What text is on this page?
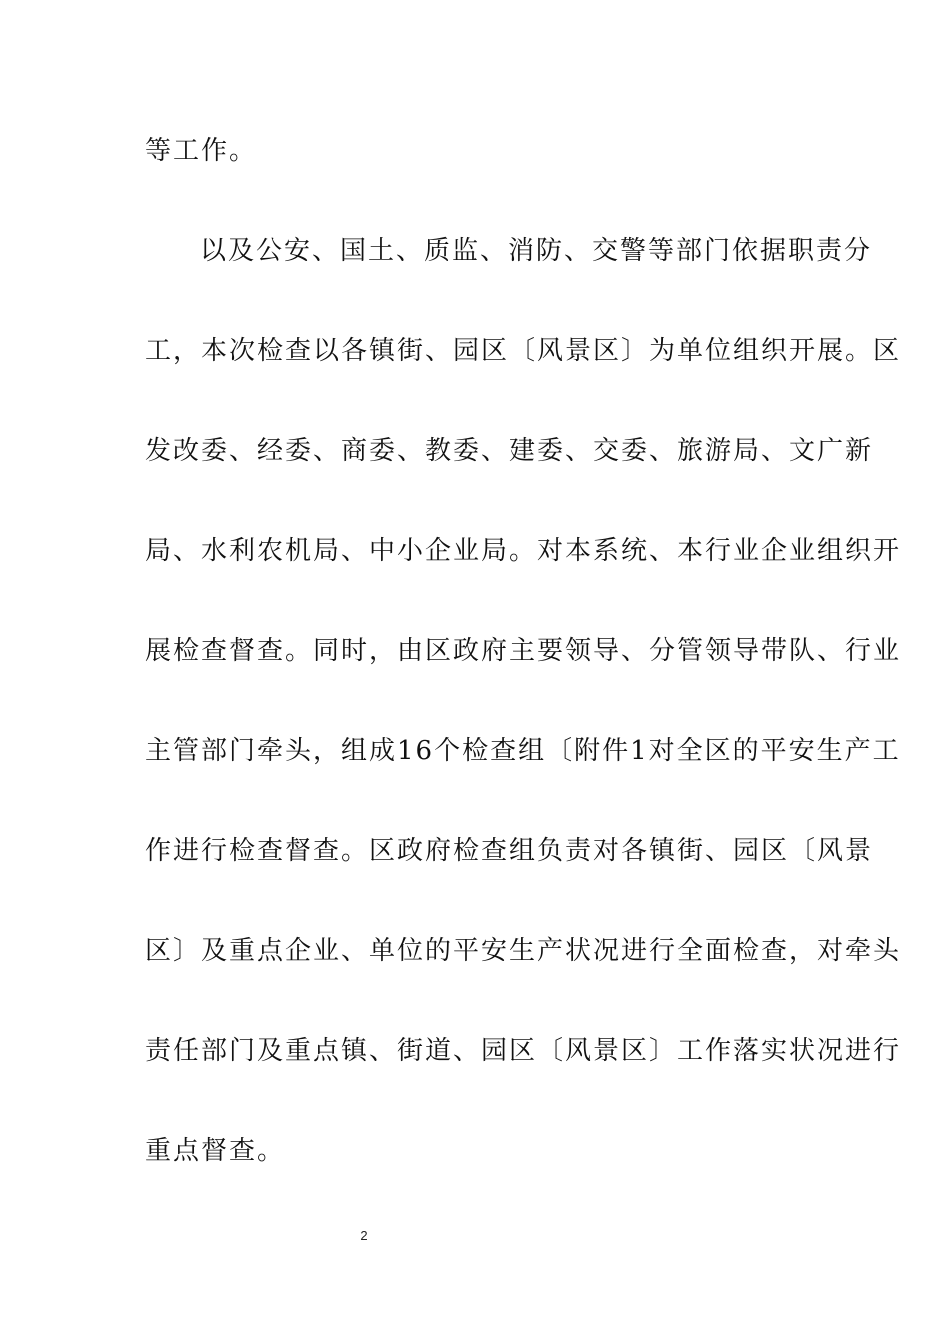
等工作。
以及公安、国土、质监、消防、交警等部门依据职责分
工，本次检查以各镇街、园区〔风景区〕为单位组织开展。区
发改委、经委、商委、教委、建委、交委、旅游局、文广新
局、水利农机局、中小企业局。对本系统、本行业企业组织开
展检查督查。同时，由区政府主要领导、分管领导带队、行业
主管部门牵头，组成16个检查组〔附件1对全区的平安生产工
作进行检查督查。区政府检查组负责对各镇街、园区〔风景
区〕及重点企业、单位的平安生产状况进行全面检查，对牵头
责任部门及重点镇、街道、园区〔风景区〕工作落实状况进行
重点督查。
2
